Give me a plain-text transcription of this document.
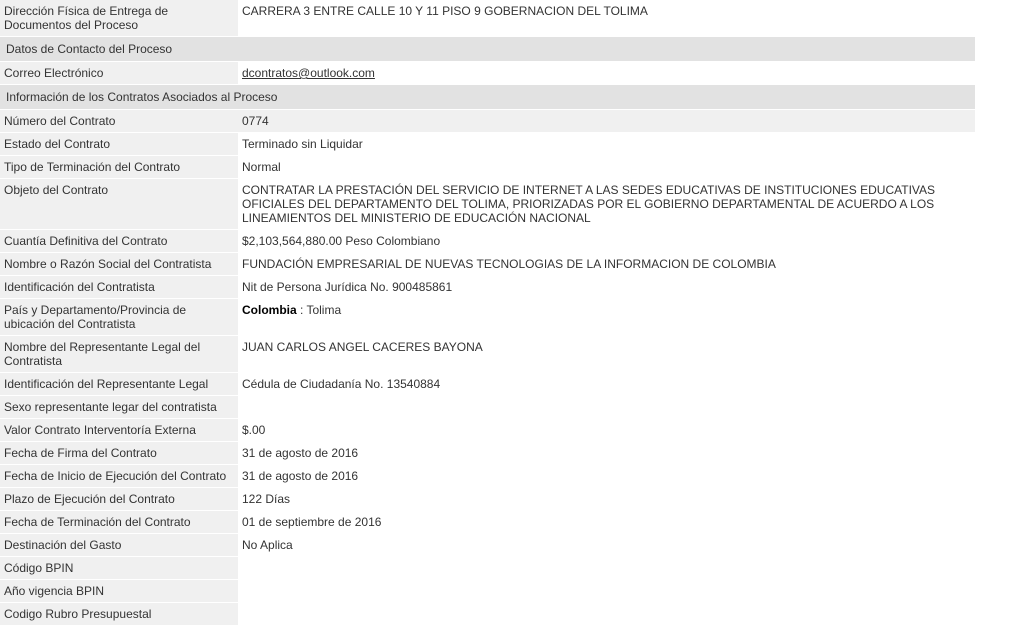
Dirección Física de Entrega de Documentos del Proceso	CARRERA 3 ENTRE CALLE 10 Y 11 PISO 9 GOBERNACION DEL TOLIMA
Datos de Contacto del Proceso	
Correo Electrónico	dcontratos@outlook.com
Información de los Contratos Asociados al Proceso	
Número del Contrato	0774
Estado del Contrato	Terminado sin Liquidar
Tipo de Terminación del Contrato	Normal
Objeto del Contrato	CONTRATAR LA PRESTACIÓN DEL SERVICIO DE INTERNET A LAS SEDES EDUCATIVAS DE INSTITUCIONES EDUCATIVAS OFICIALES DEL DEPARTAMENTO DEL TOLIMA, PRIORIZADAS POR EL GOBIERNO DEPARTAMENTAL DE ACUERDO A LOS LINEAMIENTOS DEL MINISTERIO DE EDUCACIÓN NACIONAL
Cuantía Definitiva del Contrato	$2,103,564,880.00 Peso Colombiano
Nombre o Razón Social del Contratista	FUNDACIÓN EMPRESARIAL DE NUEVAS TECNOLOGIAS DE LA INFORMACION DE COLOMBIA
Identificación del Contratista	Nit de Persona Jurídica No. 900485861
País y Departamento/Provincia de ubicación del Contratista	Colombia : Tolima
Nombre del Representante Legal del Contratista	JUAN CARLOS ANGEL CACERES BAYONA
Identificación del Representante Legal	Cédula de Ciudadanía No. 13540884
Sexo representante legar del contratista	
Valor Contrato Interventoría Externa	$.00
Fecha de Firma del Contrato	31 de agosto de 2016
Fecha de Inicio de Ejecución del Contrato	31 de agosto de 2016
Plazo de Ejecución del Contrato	122 Días
Fecha de Terminación del Contrato	01 de septiembre de 2016
Destinación del Gasto	No Aplica
Código BPIN	
Año vigencia BPIN	
Codigo Rubro Presupuestal	
